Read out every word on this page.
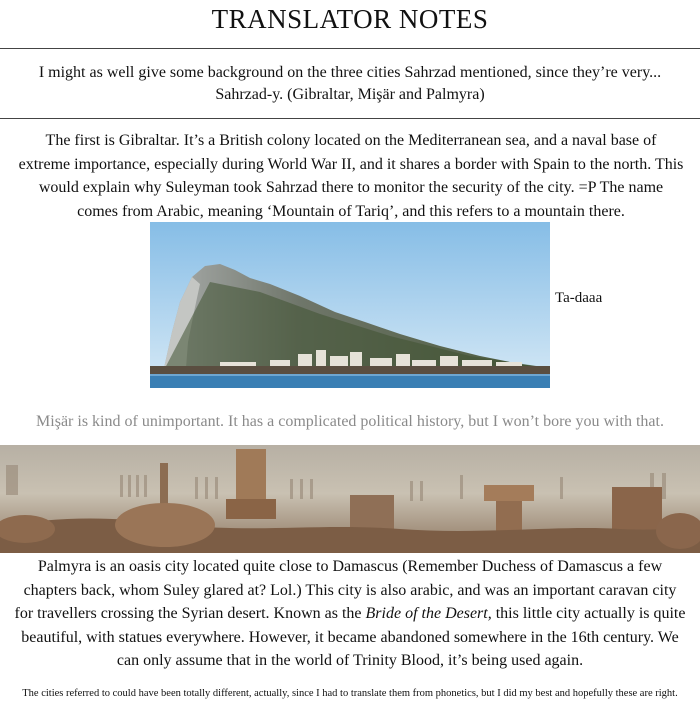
TRANSLATOR NOTES
I might as well give some background on the three cities Sahrzad mentioned, since they’re very...
Sahrzad-y. (Gibraltar, Mişär and Palmyra)
The first is Gibraltar. It’s a British colony located on the Mediterranean sea, and a naval base of extreme importance, especially during World War II, and it shares a border with Spain to the north. This would explain why Suleyman took Sahrzad there to monitor the security of the city. =P The name comes from Arabic, meaning ‘Mountain of Tariq’, and this refers to a mountain there.
Ta-daaa
Mişär is kind of unimportant. It has a complicated political history, but I won’t bore you with that.
Palmyra is an oasis city located quite close to Damascus (Remember Duchess of Damascus a few chapters back, whom Suley glared at? Lol.) This city is also arabic, and was an important caravan city for travellers crossing the Syrian desert. Known as the Bride of the Desert, this little city actually is quite beautiful, with statues everywhere. However, it became abandoned somewhere in the 16th century. We can only assume that in the world of Trinity Blood, it’s being used again.
The cities referred to could have been totally different, actually, since I had to translate them from phonetics, but I did my best and hopefully these are right.
